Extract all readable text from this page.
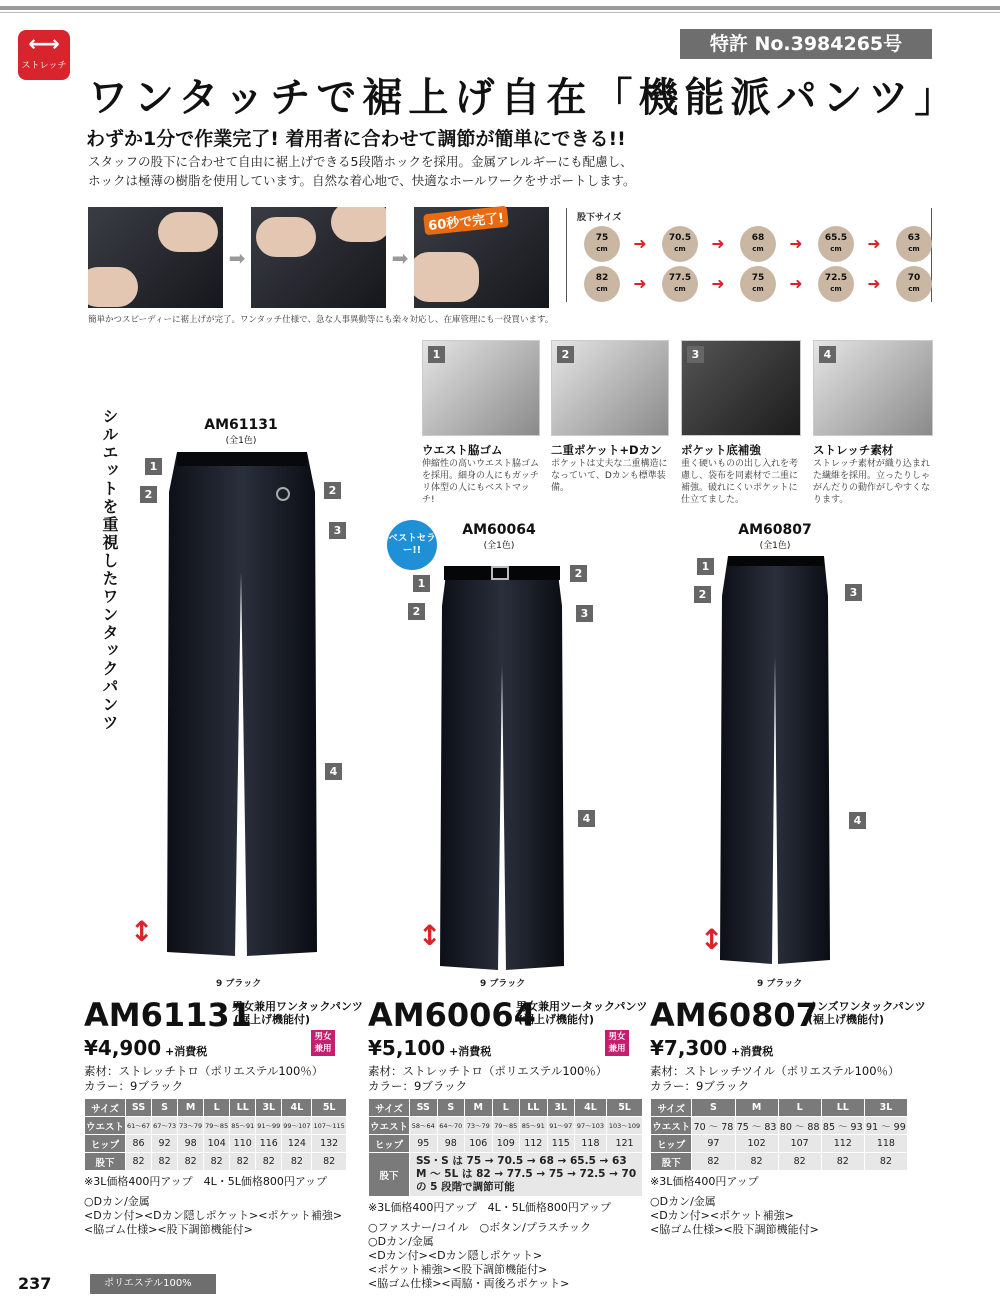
⟷
ストレッチ
特許 No.3984265号
ワンタッチで裾上げ自在「機能派パンツ」
わずか1分で作業完了! 着用者に合わせて調節が簡単にできる!!
スタッフの股下に合わせて自由に裾上げできる5段階ホックを採用。金属アレルギーにも配慮し、
ホックは極薄の樹脂を使用しています。自然な着心地で、快適なホールワークをサポートします。
➡	➡
60秒で完了!
簡単かつスピーディーに裾上げが完了。ワンタッチ仕様で、急な人事異動等にも楽々対応し、在庫管理にも一役買います。
股下サイズ
75
cm	➜	70.5
cm	➜	68
cm	➜	65.5
cm	➜	63
cm
82
cm	➜	77.5
cm	➜	75
cm	➜	72.5
cm	➜	70
cm
1
ウエスト脇ゴム
伸縮性の高いウエスト脇ゴムを採用。細身の人にもガッチリ体型の人にもベストマッチ!
2
二重ポケット+Dカン
ポケットは丈夫な二重構造になっていて、Dカンも標準装備。
3
ポケット底補強
重く硬いものの出し入れを考慮し、袋布を同素材で二重に補強。破れにくいポケットに仕立てました。
4
ストレッチ素材
ストレッチ素材が織り込まれた繊維を採用。立ったりしゃがんだりの動作がしやすくなります。
シルエットを重視したワンタックパンツ	AM61131
(全1色)
AM60064
(全1色)
AM60807
(全1色)
ベストセラー!!
1
2	2
3
4
1
2
2
3
4
1
2	3
4
↕	↕	↕
9 ブラック	9 ブラック	9 ブラック
AM61131
男女兼用ワンタックパンツ
(裾上げ機能付)
¥4,900 +消費税
男女兼用
素材：ストレッチトロ（ポリエステル100％）
カラー：9ブラック
サイズ	SS	S	M	L	LL	3L	4L	5L
ウエスト	61～67	67～73	73～79	79～85	85～91	91～99	99～107	107～115
ヒップ	86	92	98	104	110	116	124	132
股下	82	82	82	82	82	82	82	82
※3L価格400円アップ　4L・5L価格800円アップ
○Dカン/金属
<Dカン付><Dカン隠しポケット><ポケット補強>
<脇ゴム仕様><股下調節機能付>
AM60064
男女兼用ツータックパンツ
(裾上げ機能付)
¥5,100 +消費税
男女兼用
素材：ストレッチトロ（ポリエステル100％）
カラー：9ブラック
サイズ	SS	S	M	L	LL	3L	4L	5L
ウエスト	58～64	64～70	73～79	79～85	85～91	91～97	97～103	103～109
ヒップ	95	98	106	109	112	115	118	121
股下	SS・S は 75 → 70.5 → 68 → 65.5 → 63
M ～ 5L は 82 → 77.5 → 75 → 72.5 → 70
の 5 段階で調節可能							
※3L価格400円アップ　4L・5L価格800円アップ
○ファスナー/コイル　○ボタン/プラスチック
○Dカン/金属
<Dカン付><Dカン隠しポケット>
<ポケット補強><股下調節機能付>
<脇ゴム仕様><両脇・両後ろポケット>
AM60807
メンズワンタックパンツ
(裾上げ機能付)
¥7,300 +消費税
素材：ストレッチツイル（ポリエステル100％）
カラー：9ブラック
サイズ	S	M	L	LL	3L
ウエスト	70 ～ 78	75 ～ 83	80 ～ 88	85 ～ 93	91 ～ 99
ヒップ	97	102	107	112	118
股下	82	82	82	82	82
※3L価格400円アップ
○Dカン/金属
<Dカン付><ポケット補強>
<脇ゴム仕様><股下調節機能付>
237	ポリエステル100%
